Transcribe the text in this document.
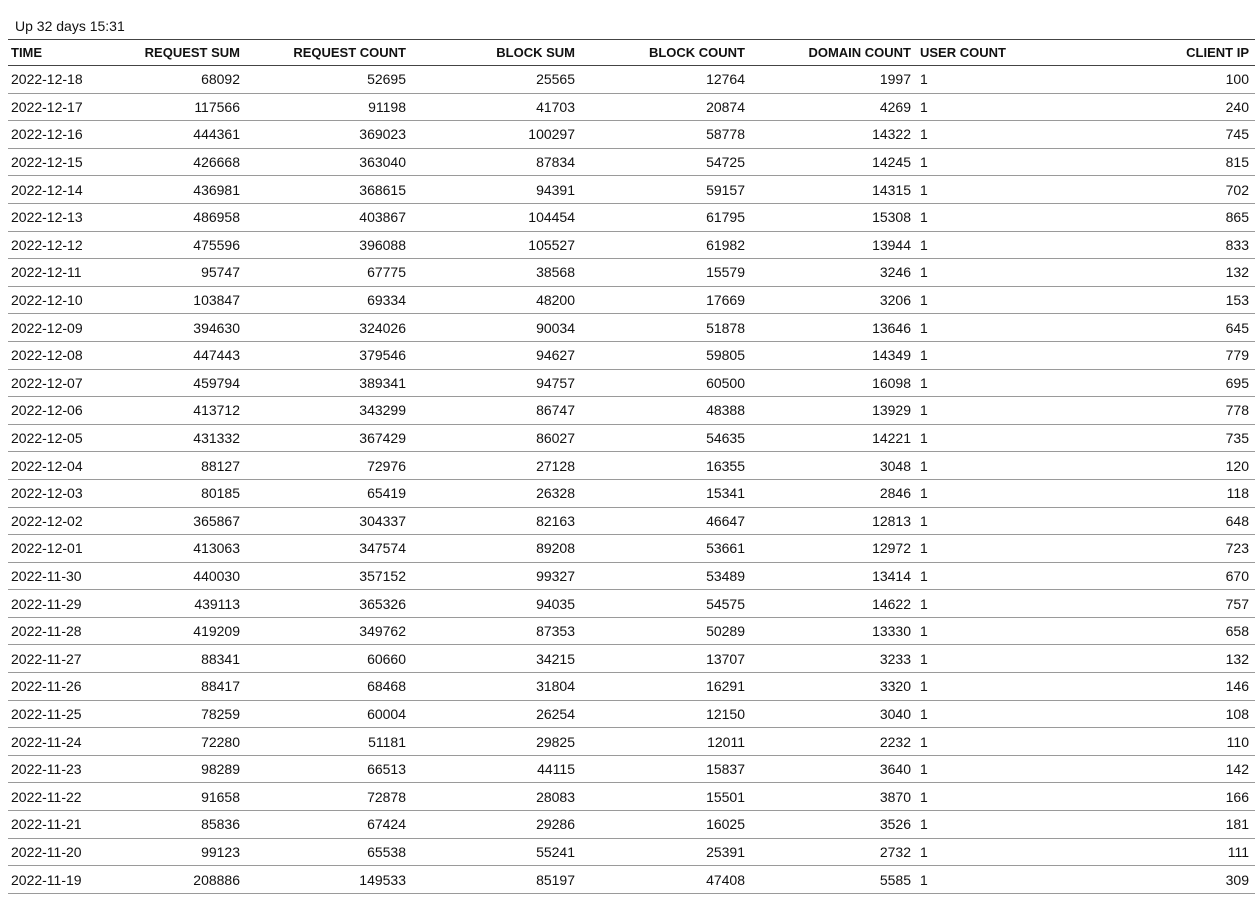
Up 32 days 15:31
TIME	REQUEST SUM	REQUEST COUNT	BLOCK SUM	BLOCK COUNT	DOMAIN COUNT	USER COUNT	CLIENT IP
2022-12-18	68092	52695	25565	12764	1997	1	100
2022-12-17	117566	91198	41703	20874	4269	1	240
2022-12-16	444361	369023	100297	58778	14322	1	745
2022-12-15	426668	363040	87834	54725	14245	1	815
2022-12-14	436981	368615	94391	59157	14315	1	702
2022-12-13	486958	403867	104454	61795	15308	1	865
2022-12-12	475596	396088	105527	61982	13944	1	833
2022-12-11	95747	67775	38568	15579	3246	1	132
2022-12-10	103847	69334	48200	17669	3206	1	153
2022-12-09	394630	324026	90034	51878	13646	1	645
2022-12-08	447443	379546	94627	59805	14349	1	779
2022-12-07	459794	389341	94757	60500	16098	1	695
2022-12-06	413712	343299	86747	48388	13929	1	778
2022-12-05	431332	367429	86027	54635	14221	1	735
2022-12-04	88127	72976	27128	16355	3048	1	120
2022-12-03	80185	65419	26328	15341	2846	1	118
2022-12-02	365867	304337	82163	46647	12813	1	648
2022-12-01	413063	347574	89208	53661	12972	1	723
2022-11-30	440030	357152	99327	53489	13414	1	670
2022-11-29	439113	365326	94035	54575	14622	1	757
2022-11-28	419209	349762	87353	50289	13330	1	658
2022-11-27	88341	60660	34215	13707	3233	1	132
2022-11-26	88417	68468	31804	16291	3320	1	146
2022-11-25	78259	60004	26254	12150	3040	1	108
2022-11-24	72280	51181	29825	12011	2232	1	110
2022-11-23	98289	66513	44115	15837	3640	1	142
2022-11-22	91658	72878	28083	15501	3870	1	166
2022-11-21	85836	67424	29286	16025	3526	1	181
2022-11-20	99123	65538	55241	25391	2732	1	111
2022-11-19	208886	149533	85197	47408	5585	1	309
